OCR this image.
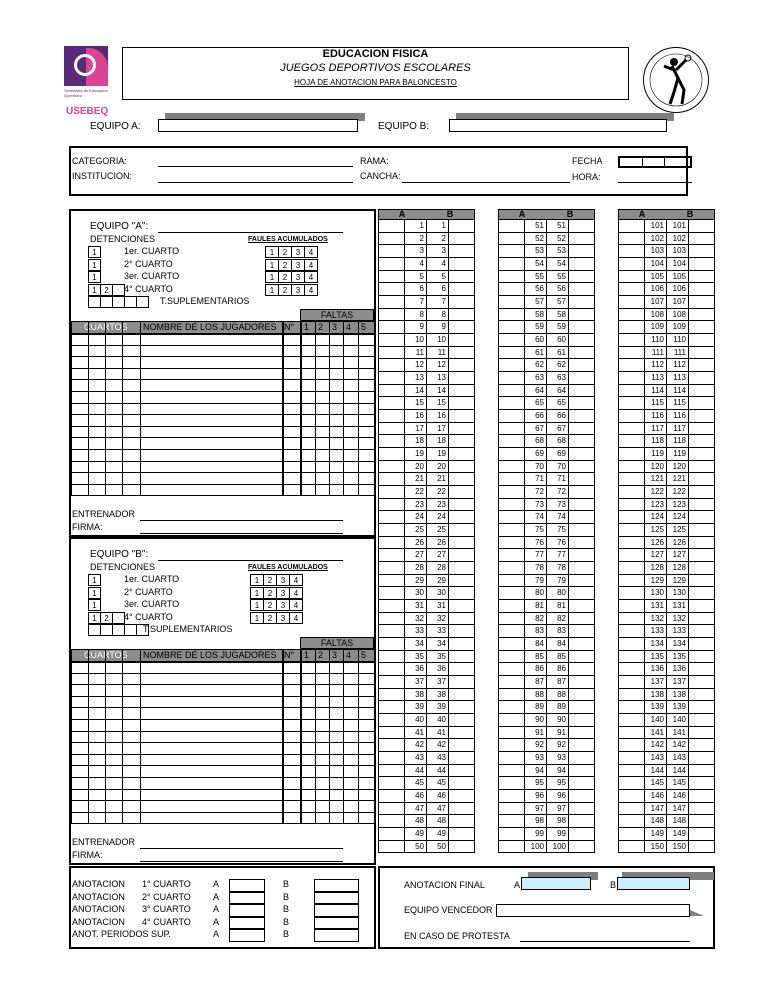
Secretaría de Educación Querétaro
USEBEQ
EDUCACION FISICA
JUEGOS DEPORTIVOS ESCOLARES
HOJA DE ANOTACION PARA BALONCESTO
EQUIPO A:	EQUIPO B:
CATEGORIA:
INSTITUCION:
RAMA:
CANCHA:
FECHA
HORA:
EQUIPO "A":
DETENCIONES	FAULES ACUMULADOS
1	1er. CUARTO	1	2	3	4
1	2° CUARTO	1	2	3	4
1	3er. CUARTO	1	2	3	4
1 2	4° CUARTO	1	2	3	4
T.SUPLEMENTARIOS
FALTAS
CUARTOS NOMBRE DE LOS JUGADORES N° 1 2 3 4 5
ENTRENADOR
FIRMA:
EQUIPO "B":
DETENCIONES	FAULES ACUMULADOS
1	1er. CUARTO	1	2	3	4
1	2° CUARTO	1	2	3	4
1	3er. CUARTO	1	2	3	4
1 2	4° CUARTO	1	2	3	4
T.SUPLEMENTARIOS
FALTAS
CUARTOS NOMBRE DE LOS JUGADORES N° 1 2 3 4 5
ENTRENADOR
FIRMA:
A	B
1	1
2	2
3	3
4	4
5	5
6	6
7	7
8	8
9	9
10	10
11	11
12	12
13	13
14	14
15	15
16	16
17	17
18	18
19	19
20	20
21	21
22	22
23	23
24	24
25	25
26	26
27	27
28	28
29	29
30	30
31	31
32	32
33	33
34	34
35	35
36	36
37	37
38	38
39	39
40	40
41	41
42	42
43	43
44	44
45	45
46	46
47	47
48	48
49	49
50	50
A	B
51	51
52	52
53	53
54	54
55	55
56	56
57	57
58	58
59	59
60	60
61	61
62	62
63	63
64	64
65	65
66	66
67	67
68	68
69	69
70	70
71	71
72	72
73	73
74	74
75	75
76	76
77	77
78	78
79	79
80	80
81	81
82	82
83	83
84	84
85	85
86	86
87	87
88	88
89	89
90	90
91	91
92	92
93	93
94	94
95	95
96	96
97	97
98	98
99	99
100	100
A	B
101	101
102	102
103	103
104	104
105	105
106	106
107	107
108	108
109	109
110	110
111	111
112	112
113	113
114	114
115	115
116	116
117	117
118	118
119	119
120	120
121	121
122	122
123	123
124	124
125	125
126	126
127	127
128	128
129	129
130	130
131	131
132	132
133	133
134	134
135	135
136	136
137	137
138	138
139	139
140	140
141	141
142	142
143	143
144	144
145	145
146	146
147	147
148	148
149	149
150	150
ANOTACION 1° CUARTO A	B
ANOTACION 2° CUARTO A	B
ANOTACION 3° CUARTO A	B
ANOTACION 4° CUARTO A	B
ANOT. PERIODOS SUP.	A	B
ANOTACION FINAL	A	B
EQUIPO VENCEDOR
EN CASO DE PROTESTA
